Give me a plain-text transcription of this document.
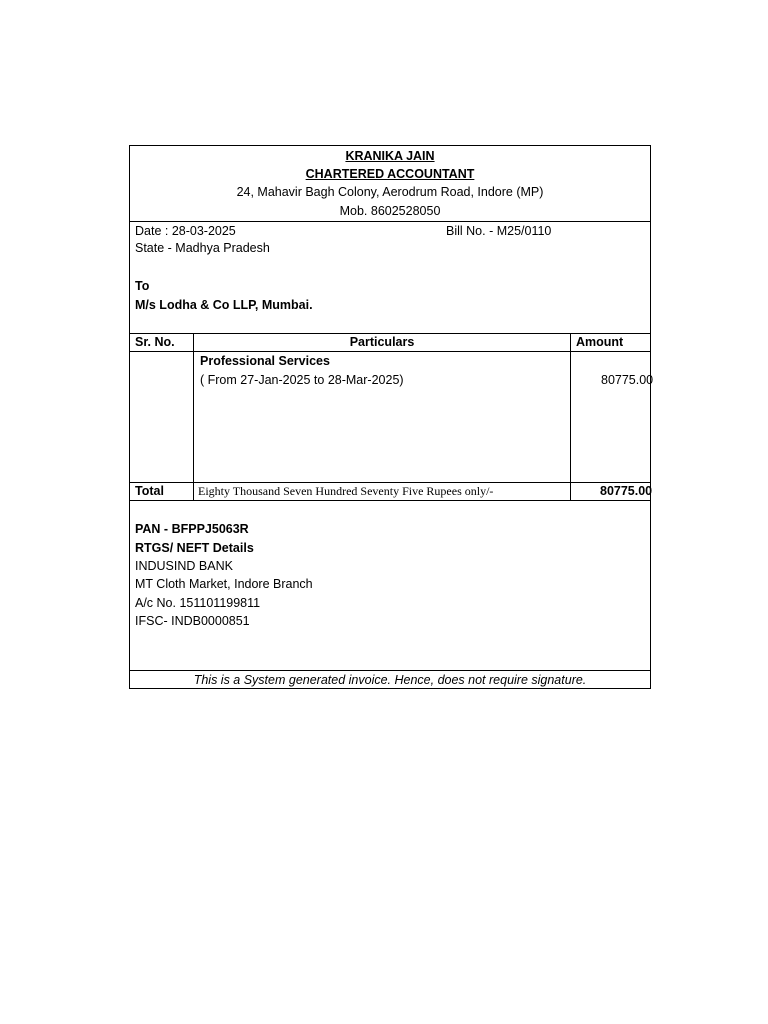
KRANIKA JAIN
CHARTERED ACCOUNTANT
24, Mahavir Bagh Colony, Aerodrum Road, Indore (MP)
Mob. 8602528050
Date : 28-03-2025	Bill No. - M25/0110
State - Madhya Pradesh
To
M/s Lodha & Co LLP, Mumbai.
Sr. No.	Particulars	Amount
Professional Services
( From 27-Jan-2025 to 28-Mar-2025)	80775.00
Total	Eighty Thousand Seven Hundred Seventy Five Rupees only/-	80775.00
PAN - BFPPJ5063R
RTGS/ NEFT Details
INDUSIND BANK
MT Cloth Market, Indore Branch
A/c No. 151101199811
IFSC- INDB0000851
This is a System generated invoice. Hence, does not require signature.
